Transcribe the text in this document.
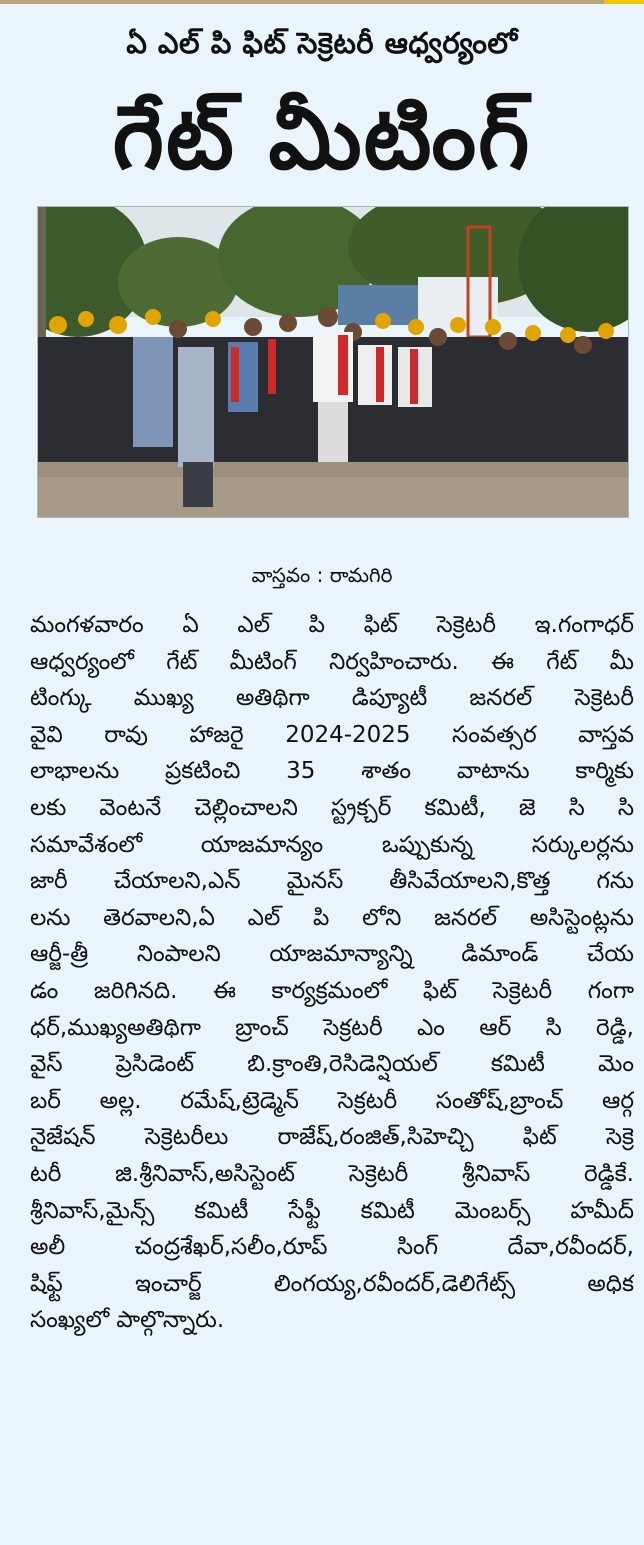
ఏ ఎల్ పి ఫిట్ సెక్రెటరీ ఆధ్వర్యంలో
గేట్ మీటింగ్
వాస్తవం : రామగిరి
మంగళవారం ఏ ఎల్ పి ఫిట్ సెక్రెటరీ ఇ.గంగాధర్
ఆధ్వర్యంలో గేట్ మీటింగ్ నిర్వహించారు. ఈ గేట్ మీ
టింగ్కు ముఖ్య అతిథిగా డిప్యూటీ జనరల్ సెక్రెటరీ
వైవి రావు హాజరై 2024-2025 సంవత్సర వాస్తవ
లాభాలను ప్రకటించి 35 శాతం వాటాను కార్మికు
లకు వెంటనే చెల్లించాలని స్ట్రక్చర్ కమిటీ, జె సి సి
సమావేశంలో యాజమాన్యం ఒప్పుకున్న సర్కులర్లను
జారీ చేయాలని,ఎన్ మైనస్ తీసివేయాలని,కొత్త గను
లను తెరవాలని,ఏ ఎల్ పి లోని జనరల్ అసిస్టెంట్లను
ఆర్జీ-త్రీ నింపాలని యాజమాన్యాన్ని డిమాండ్ చేయ
డం జరిగినది. ఈ కార్యక్రమంలో ఫిట్ సెక్రెటరీ గంగా
ధర్,ముఖ్యఅతిథిగా బ్రాంచ్ సెక్రటరీ ఎం ఆర్ సి రెడ్డి,
వైస్ ప్రెసిడెంట్ బి.క్రాంతి,రెసిడెన్షియల్ కమిటీ మెం
బర్ అల్ల. రమేష్,ట్రెడ్మెన్ సెక్రటరీ సంతోష్,బ్రాంచ్ ఆర్గ
నైజేషన్ సెక్రెటరీలు రాజేష్,రంజిత్,సిహెచ్చి ఫిట్ సెక్రె
టరీ జి.శ్రీనివాస్,అసిస్టెంట్ సెక్రెటరీ శ్రీనివాస్ రెడ్డికే.
శ్రీనివాస్,మైన్స్ కమిటీ సేఫ్టీ కమిటీ మెంబర్స్ హమీద్
అలీ చంద్రశేఖర్,సలీం,రూప్ సింగ్ దేవా,రవీందర్,
షిఫ్ట్ ఇంచార్జ్ లింగయ్య,రవీందర్,డెలిగేట్స్ అధిక
సంఖ్యలో పాల్గొన్నారు.
